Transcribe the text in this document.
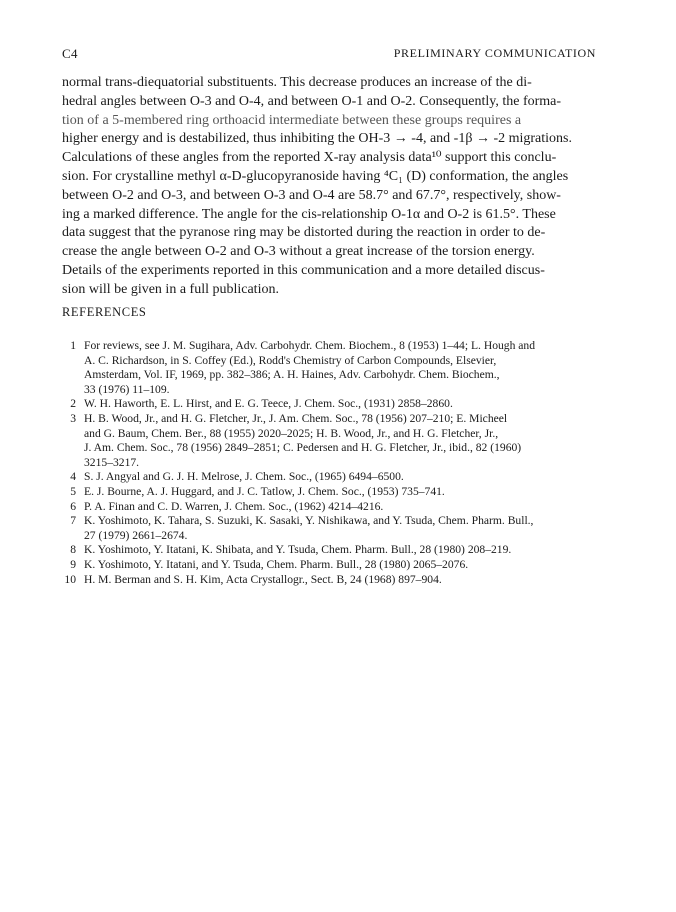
C4	PRELIMINARY COMMUNICATION
normal trans-diequatorial substituents. This decrease produces an increase of the di-
hedral angles between O-3 and O-4, and between O-1 and O-2. Consequently, the forma-
tion of a 5-membered ring orthoacid intermediate between these groups requires a
higher energy and is destabilized, thus inhibiting the OH-3 → -4, and -1β → -2 migrations.
Calculations of these angles from the reported X-ray analysis data¹⁰ support this conclu-
sion. For crystalline methyl α-D-glucopyranoside having ⁴C₁ (D) conformation, the angles
between O-2 and O-3, and between O-3 and O-4 are 58.7° and 67.7°, respectively, show-
ing a marked difference. The angle for the cis-relationship O-1α and O-2 is 61.5°. These
data suggest that the pyranose ring may be distorted during the reaction in order to de-
crease the angle between O-2 and O-3 without a great increase of the torsion energy.
Details of the experiments reported in this communication and a more detailed discus-
sion will be given in a full publication.
REFERENCES
1 For reviews, see J. M. Sugihara, Adv. Carbohydr. Chem. Biochem., 8 (1953) 1–44; L. Hough and
A. C. Richardson, in S. Coffey (Ed.), Rodd's Chemistry of Carbon Compounds, Elsevier,
Amsterdam, Vol. IF, 1969, pp. 382–386; A. H. Haines, Adv. Carbohydr. Chem. Biochem.,
33 (1976) 11–109.
2 W. H. Haworth, E. L. Hirst, and E. G. Teece, J. Chem. Soc., (1931) 2858–2860.
3 H. B. Wood, Jr., and H. G. Fletcher, Jr., J. Am. Chem. Soc., 78 (1956) 207–210; E. Micheel
and G. Baum, Chem. Ber., 88 (1955) 2020–2025; H. B. Wood, Jr., and H. G. Fletcher, Jr.,
J. Am. Chem. Soc., 78 (1956) 2849–2851; C. Pedersen and H. G. Fletcher, Jr., ibid., 82 (1960)
3215–3217.
4 S. J. Angyal and G. J. H. Melrose, J. Chem. Soc., (1965) 6494–6500.
5 E. J. Bourne, A. J. Huggard, and J. C. Tatlow, J. Chem. Soc., (1953) 735–741.
6 P. A. Finan and C. D. Warren, J. Chem. Soc., (1962) 4214–4216.
7 K. Yoshimoto, K. Tahara, S. Suzuki, K. Sasaki, Y. Nishikawa, and Y. Tsuda, Chem. Pharm. Bull.,
27 (1979) 2661–2674.
8 K. Yoshimoto, Y. Itatani, K. Shibata, and Y. Tsuda, Chem. Pharm. Bull., 28 (1980) 208–219.
9 K. Yoshimoto, Y. Itatani, and Y. Tsuda, Chem. Pharm. Bull., 28 (1980) 2065–2076.
10 H. M. Berman and S. H. Kim, Acta Crystallogr., Sect. B, 24 (1968) 897–904.
